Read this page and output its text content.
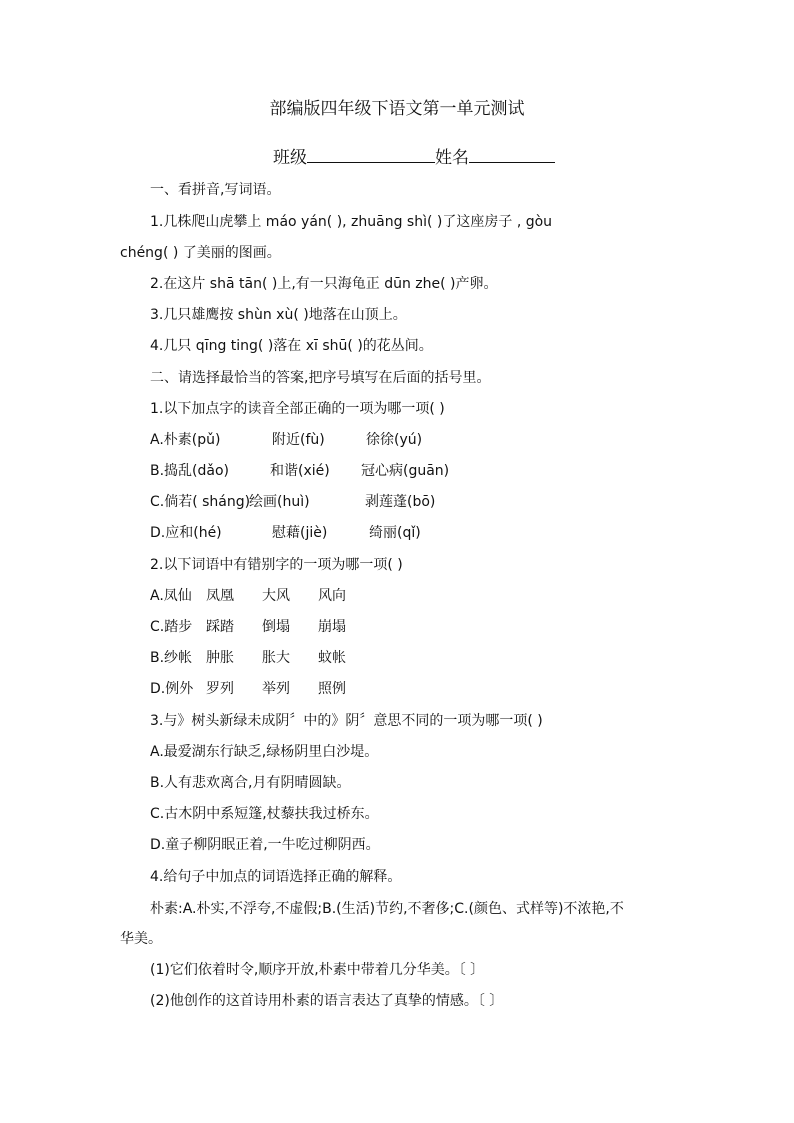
部编版四年级下语文第一单元测试
班级	姓名
一、看拼音,写词语。
1.几株爬山虎攀上 máo yán( ), zhuāng shì( )了这座房子 , gòu
chéng( ) 了美丽的图画。
2.在这片 shā tān( )上,有一只海龟正 dūn zhe( )产卵。
3.几只雄鹰按 shùn xù( )地落在山顶上。
4.几只 qīng ting( )落在 xī shū( )的花丛间。
二、请选择最恰当的答案,把序号填写在后面的括号里。
1.以下加点字的读音全部正确的一项为哪一项( )
A.朴素(pǔ)	附近(fù)	徐徐(yú)
B.捣乱(dǎo)	和谐(xié) 冠心病(guān)
C.倘若( sháng)绘画(huì)	剥莲蓬(bō)
D.应和(hé)	慰藉(jiè)	绮丽(qǐ)
2.以下词语中有错别字的一项为哪一项( )
A.凤仙 凤凰 大风 风向
C.踏步 踩踏 倒塌 崩塌
B.纱帐 肿胀 胀大 蚊帐
D.例外 罗列 举列 照例
3.与》树头新绿未成阴〞中的》阴〞意思不同的一项为哪一项( )
A.最爱湖东行缺乏,绿杨阴里白沙堤。
B.人有悲欢离合,月有阴晴圆缺。
C.古木阴中系短篷,杖藜扶我过桥东。
D.童子柳阴眠正着,一牛吃过柳阴西。
4.给句子中加点的词语选择正确的解释。
朴素:A.朴实,不浮夸,不虚假;B.(生活)节约,不奢侈;C.(颜色、式样等)不浓艳,不
华美。
(1)它们依着时令,顺序开放,朴素中带着几分华美。〔 〕
(2)他创作的这首诗用朴素的语言表达了真挚的情感。〔 〕
